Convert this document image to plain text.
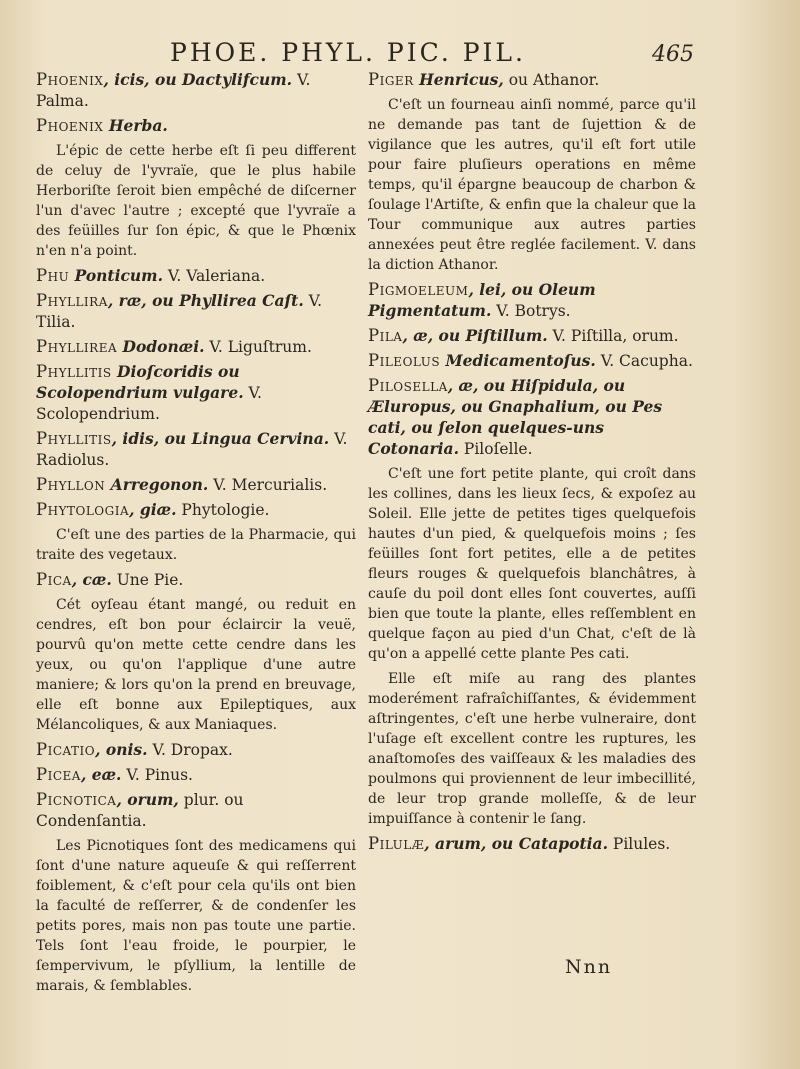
PHOE. PHYL. PIC. PIL.	465

Phoenix, icis, ou Dactylifcum. V. Palma.

Phoenix Herba.

L'épic de cette herbe eſt ſi peu different de celuy de l'yvraïe, que le plus habile Herboriſte ſeroit bien empêché de diſcerner l'un d'avec l'autre ; excepté que l'yvraïe a des feüilles ſur ſon épic, & que le Phœnix n'en n'a point.

Phu Ponticum. V. Valeriana.

Phyllira, ræ, ou Phyllirea Caſt. V. Tilia.

Phyllirea Dodonæi. V. Liguſtrum.

Phyllitis Dioſcoridis ou Scolopendrium vulgare. V. Scolopendrium.

Phyllitis, idis, ou Lingua Cervina. V. Radiolus.

Phyllon Arregonon. V. Mercurialis.

Phytologia, giæ. Phytologie.

C'eſt une des parties de la Pharmacie, qui traite des vegetaux.

Pica, cæ. Une Pie.

Cét oyſeau étant mangé, ou reduit en cendres, eſt bon pour éclaircir la veuë, pourvû qu'on mette cette cendre dans les yeux, ou qu'on l'applique d'une autre maniere; & lors qu'on la prend en breuvage, elle eſt bonne aux Epileptiques, aux Mélancoliques, & aux Maniaques.

Picatio, onis. V. Dropax.

Picea, eæ. V. Pinus.

Picnotica, orum, plur. ou Condenſantia.

Les Picnotiques ſont des medicamens qui ſont d'une nature aqueuſe & qui reſſerrent foiblement, & c'eſt pour cela qu'ils ont bien la faculté de reſſerrer, & de condenſer les petits pores, mais non pas toute une partie. Tels ſont l'eau froide, le pourpier, le ſempervivum, le pſyllium, la lentille de marais, & ſemblables.

Piger Henricus, ou Athanor.

C'eſt un fourneau ainſi nommé, parce qu'il ne demande pas tant de ſujettion & de vigilance que les autres, qu'il eſt fort utile pour faire pluſieurs operations en même temps, qu'il épargne beaucoup de charbon & ſoulage l'Artiſte, & enfin que la chaleur que la Tour communique aux autres parties annexées peut être reglée facilement. V. dans la diction Athanor.

Pigmoeleum, lei, ou Oleum Pigmentatum. V. Botrys.

Pila, æ, ou Piſtillum. V. Piſtilla, orum.

Pileolus Medicamentoſus. V. Cacupha.

Pilosella, æ, ou Hiſpidula, ou Æluropus, ou Gnaphalium, ou Pes cati, ou ſelon quelques-uns Cotonaria. Piloſelle.

C'eſt une fort petite plante, qui croît dans les collines, dans les lieux ſecs, & expoſez au Soleil. Elle jette de petites tiges quelquefois hautes d'un pied, & quelquefois moins ; ſes feüilles ſont fort petites, elle a de petites fleurs rouges & quelquefois blanchâtres, à cauſe du poil dont elles ſont couvertes, auſſi bien que toute la plante, elles reſſemblent en quelque façon au pied d'un Chat, c'eſt de là qu'on a appellé cette plante Pes cati.

Elle eſt miſe au rang des plantes moderément rafraîchiſſantes, & évidemment aſtringentes, c'eſt une herbe vulneraire, dont l'uſage eſt excellent contre les ruptures, les anaſtomoſes des vaiſſeaux & les maladies des poulmons qui proviennent de leur imbecillité, de leur trop grande molleſſe, & de leur impuiſſance à contenir le ſang.

Pilulæ, arum, ou Catapotia. Pilules.

Nnn
